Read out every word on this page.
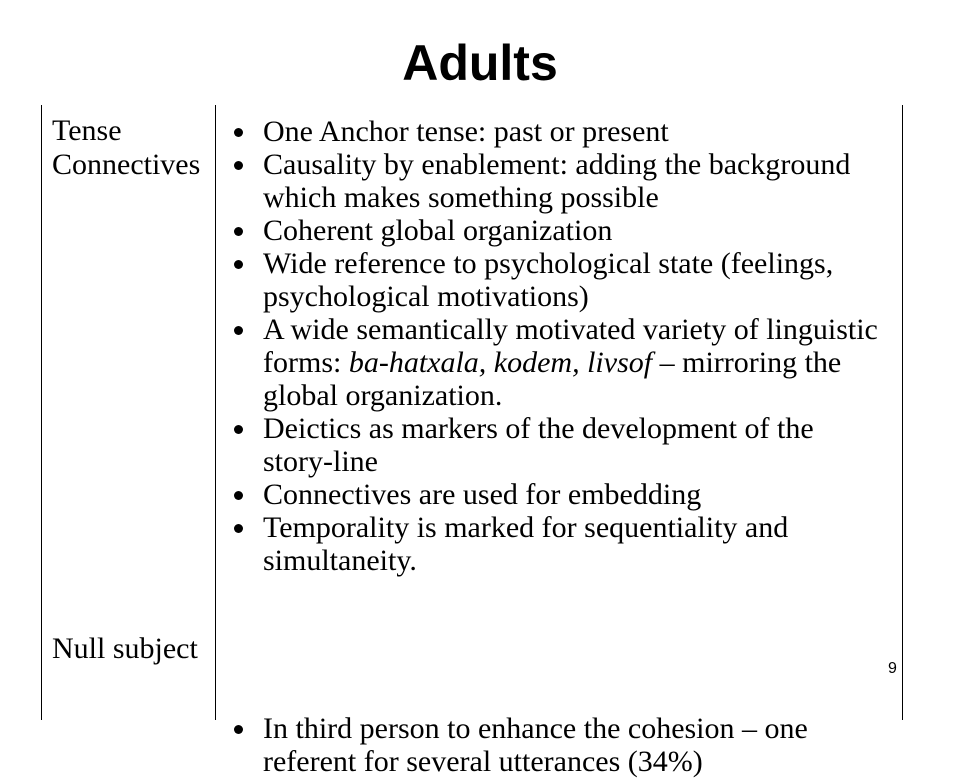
Adults
Tense
Connectives
Null subject
One Anchor tense: past or present
Causality by enablement: adding the background which makes something possible
Coherent global organization
Wide reference to psychological state (feelings, psychological motivations)
A wide semantically motivated variety of linguistic forms: ba-hatxala, kodem, livsof – mirroring the global organization.
Deictics as markers of the development of the story-line
Connectives are used for embedding
Temporality is marked for sequentiality and simultaneity.
In third person to enhance the cohesion – one referent for several utterances (34%)
9
